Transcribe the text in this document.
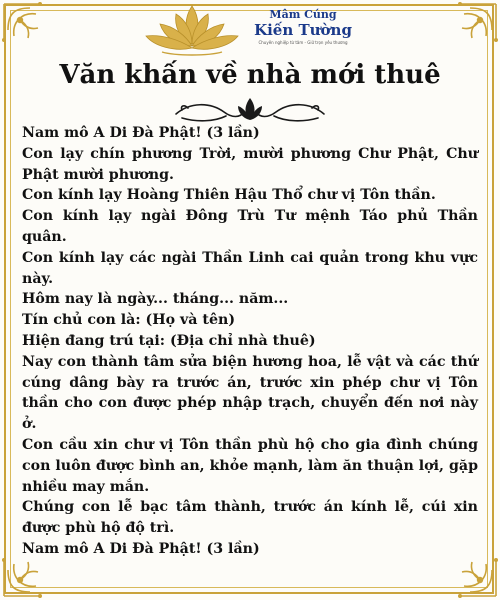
Mâm Cúng
Kiến Tường
Chuyên nghiệp từ tâm - Giữ trọn yêu thương
Văn khấn về nhà mới thuê

Nam mô A Di Đà Phật! (3 lần)

Con lạy chín phương Trời, mười phương Chư Phật, Chư Phật mười phương.

Con kính lạy Hoàng Thiên Hậu Thổ chư vị Tôn thần.

Con kính lạy ngài Đông Trù Tư mệnh Táo phủ Thần quân.

Con kính lạy các ngài Thần Linh cai quản trong khu vực này.

Hôm nay là ngày... tháng... năm...

Tín chủ con là: (Họ và tên)

Hiện đang trú tại: (Địa chỉ nhà thuê)

Nay con thành tâm sửa biện hương hoa, lễ vật và các thứ cúng dâng bày ra trước án, trước xin phép chư vị Tôn thần cho con được phép nhập trạch, chuyển đến nơi này ở.

Con cầu xin chư vị Tôn thần phù hộ cho gia đình chúng con luôn được bình an, khỏe mạnh, làm ăn thuận lợi, gặp nhiều may mắn.

Chúng con lễ bạc tâm thành, trước án kính lễ, cúi xin được phù hộ độ trì.

Nam mô A Di Đà Phật! (3 lần)
